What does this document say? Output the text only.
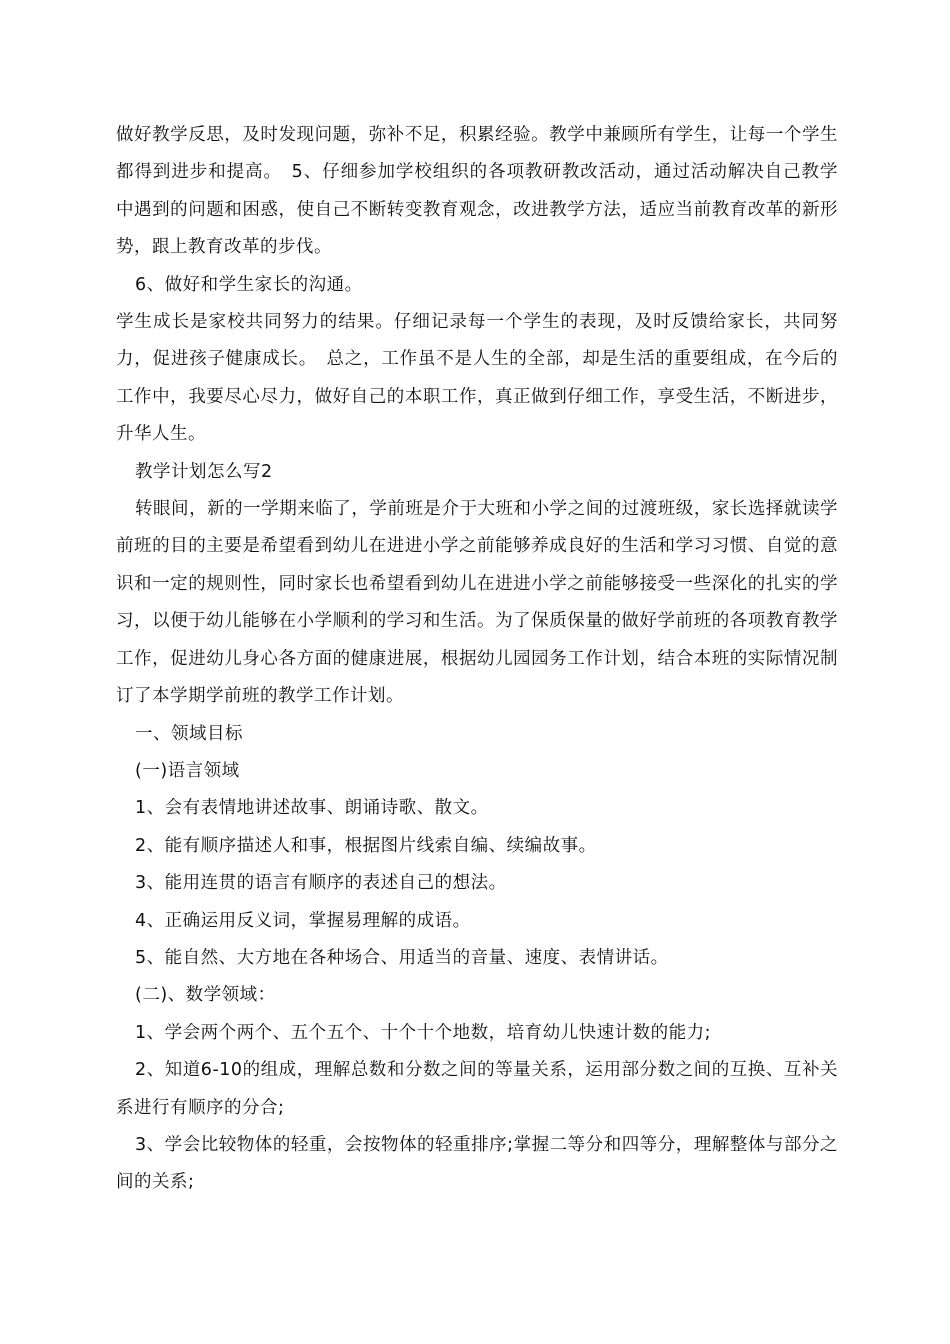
做好教学反思，及时发现问题，弥补不足，积累经验。教学中兼顾所有学生，让每一个学生都得到进步和提高。　5、仔细参加学校组织的各项教研教改活动，通过活动解决自己教学中遇到的问题和困惑，使自己不断转变教育观念，改进教学方法，适应当前教育改革的新形势，跟上教育改革的步伐。

6、做好和学生家长的沟通。

学生成长是家校共同努力的结果。仔细记录每一个学生的表现，及时反馈给家长，共同努力，促进孩子健康成长。　总之，工作虽不是人生的全部，却是生活的重要组成，在今后的工作中，我要尽心尽力，做好自己的本职工作，真正做到仔细工作，享受生活，不断进步，升华人生。

教学计划怎么写2

转眼间，新的一学期来临了，学前班是介于大班和小学之间的过渡班级，家长选择就读学前班的目的主要是希望看到幼儿在进进小学之前能够养成良好的生活和学习习惯、自觉的意识和一定的规则性，同时家长也希望看到幼儿在进进小学之前能够接受一些深化的扎实的学习，以便于幼儿能够在小学顺利的学习和生活。为了保质保量的做好学前班的各项教育教学工作，促进幼儿身心各方面的健康进展，根据幼儿园园务工作计划，结合本班的实际情况制订了本学期学前班的教学工作计划。

一、领域目标

(一)语言领域

1、会有表情地讲述故事、朗诵诗歌、散文。

2、能有顺序描述人和事，根据图片线索自编、续编故事。

3、能用连贯的语言有顺序的表述自己的想法。

4、正确运用反义词，掌握易理解的成语。

5、能自然、大方地在各种场合、用适当的音量、速度、表情讲话。

(二)、数学领域：

1、学会两个两个、五个五个、十个十个地数，培育幼儿快速计数的能力;

2、知道6-10的组成，理解总数和分数之间的等量关系，运用部分数之间的互换、互补关系进行有顺序的分合;

3、学会比较物体的轻重，会按物体的轻重排序;掌握二等分和四等分，理解整体与部分之间的关系;
